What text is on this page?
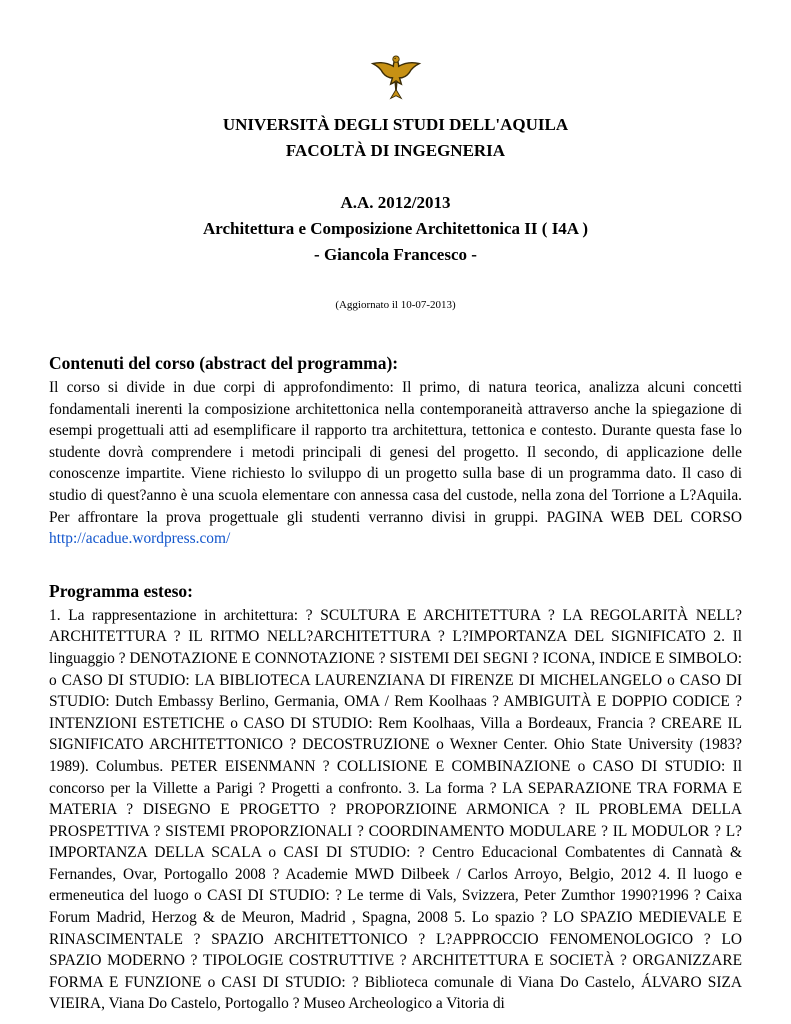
UNIVERSITÀ DEGLI STUDI DELL'AQUILA
FACOLTÀ DI INGEGNERIA
A.A. 2012/2013
Architettura e Composizione Architettonica II ( I4A )
- Giancola Francesco -
(Aggiornato il 10-07-2013)
Contenuti del corso (abstract del programma):

Il corso si divide in due corpi di approfondimento: Il primo, di natura teorica, analizza alcuni concetti fondamentali inerenti la composizione architettonica nella contemporaneità attraverso anche la spiegazione di esempi progettuali atti ad esemplificare il rapporto tra architettura, tettonica e contesto. Durante questa fase lo studente dovrà comprendere i metodi principali di genesi del progetto. Il secondo, di applicazione delle conoscenze impartite. Viene richiesto lo sviluppo di un progetto sulla base di un programma dato. Il caso di studio di quest?anno è una scuola elementare con annessa casa del custode, nella zona del Torrione a L?Aquila. Per affrontare la prova progettuale gli studenti verranno divisi in gruppi. PAGINA WEB DEL CORSO http://acadue.wordpress.com/

Programma esteso:

1. La rappresentazione in architettura: ? SCULTURA E ARCHITETTURA ? LA REGOLARITÀ NELL?ARCHITETTURA ? IL RITMO NELL?ARCHITETTURA ? L?IMPORTANZA DEL SIGNIFICATO 2. Il linguaggio ? DENOTAZIONE E CONNOTAZIONE ? SISTEMI DEI SEGNI ? ICONA, INDICE E SIMBOLO: o CASO DI STUDIO: LA BIBLIOTECA LAURENZIANA DI FIRENZE DI MICHELANGELO o CASO DI STUDIO: Dutch Embassy Berlino, Germania, OMA / Rem Koolhaas ? AMBIGUITÀ E DOPPIO CODICE ? INTENZIONI ESTETICHE o CASO DI STUDIO: Rem Koolhaas, Villa a Bordeaux, Francia ? CREARE IL SIGNIFICATO ARCHITETTONICO ? DECOSTRUZIONE o Wexner Center. Ohio State University (1983?1989). Columbus. PETER EISENMANN ? COLLISIONE E COMBINAZIONE o CASO DI STUDIO: Il concorso per la Villette a Parigi ? Progetti a confronto. 3. La forma ? LA SEPARAZIONE TRA FORMA E MATERIA ? DISEGNO E PROGETTO ? PROPORZIOINE ARMONICA ? IL PROBLEMA DELLA PROSPETTIVA ? SISTEMI PROPORZIONALI ? COORDINAMENTO MODULARE ? IL MODULOR ? L?IMPORTANZA DELLA SCALA o CASI DI STUDIO: ? Centro Educacional Combatentes di Cannatà & Fernandes, Ovar, Portogallo 2008 ? Academie MWD Dilbeek / Carlos Arroyo, Belgio, 2012 4. Il luogo e ermeneutica del luogo o CASI DI STUDIO: ? Le terme di Vals, Svizzera, Peter Zumthor 1990?1996 ? Caixa Forum Madrid, Herzog & de Meuron, Madrid , Spagna, 2008 5. Lo spazio ? LO SPAZIO MEDIEVALE E RINASCIMENTALE ? SPAZIO ARCHITETTONICO ? L?APPROCCIO FENOMENOLOGICO ? LO SPAZIO MODERNO ? TIPOLOGIE COSTRUTTIVE ? ARCHITETTURA E SOCIETÀ ? ORGANIZZARE FORMA E FUNZIONE o CASI DI STUDIO: ? Biblioteca comunale di Viana Do Castelo, ÁLVARO SIZA VIEIRA, Viana Do Castelo, Portogallo ? Museo Archeologico a Vitoria di
